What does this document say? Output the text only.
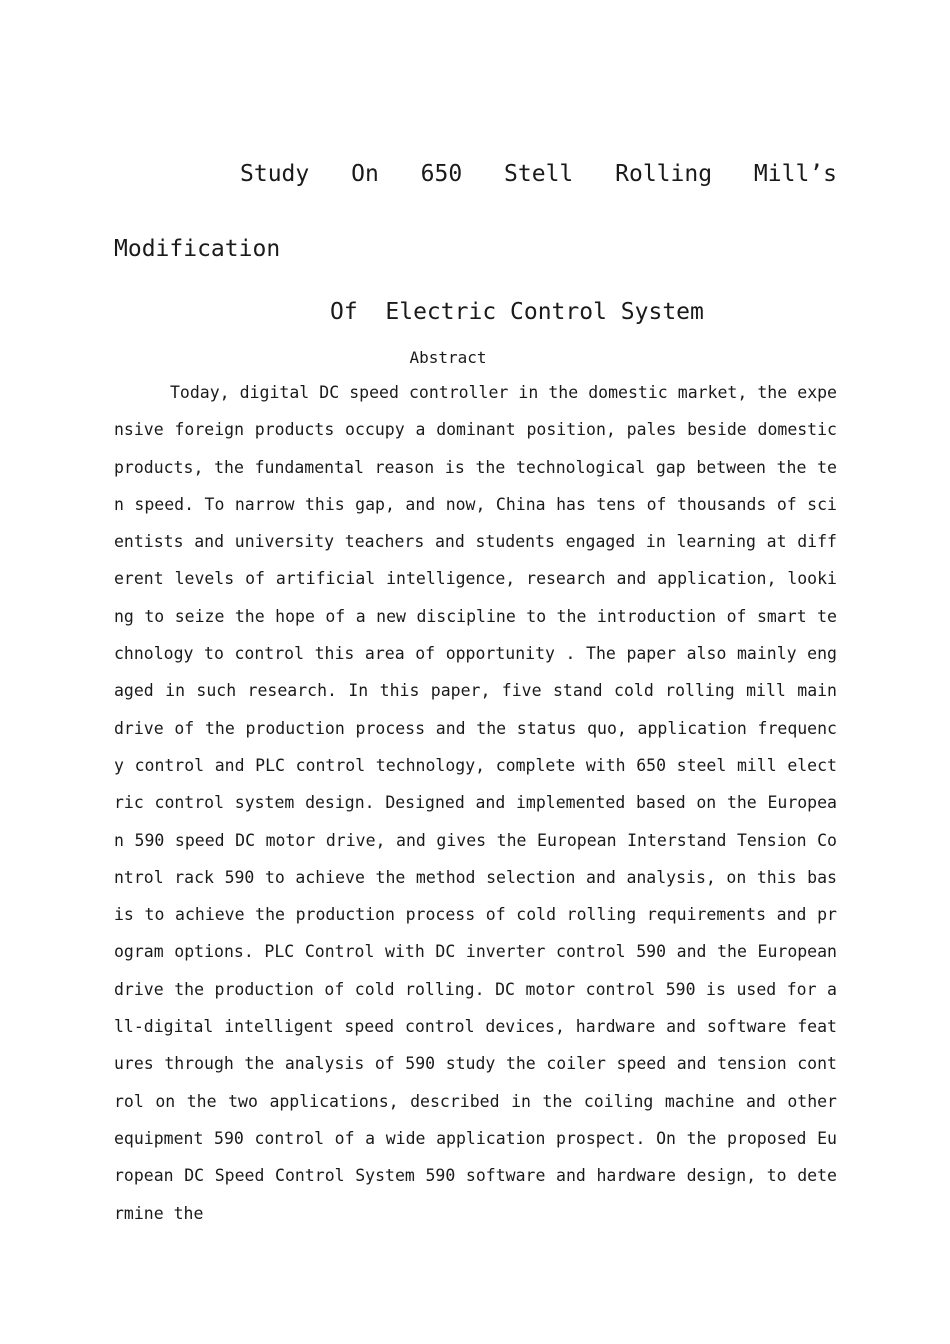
Study On 650 Stell Rolling Mill’s
Modification
Of  Electric Control System
Abstract

Today, digital DC speed controller in the domestic market, the expensive foreign products occupy a dominant position, pales beside domestic products, the fundamental reason is the technological gap between the ten speed. To narrow this gap, and now, China has tens of thousands of scientists and university teachers and students engaged in learning at different levels of artificial intelligence, research and application, looking to seize the hope of a new discipline to the introduction of smart technology to control this area of opportunity . The paper also mainly engaged in such research. In this paper, five stand cold rolling mill main drive of the production process and the status quo, application frequency control and PLC control technology, complete with 650 steel mill electric control system design. Designed and implemented based on the European 590 speed DC motor drive, and gives the European Interstand Tension Control rack 590 to achieve the method selection and analysis, on this basis to achieve the production process of cold rolling requirements and program options. PLC Control with DC inverter control 590 and the European drive the production of cold rolling. DC motor control 590 is used for all-digital intelligent speed control devices, hardware and software features through the analysis of 590 study the coiler speed and tension control on the two applications, described in the coiling machine and other equipment 590 control of a wide application prospect. On the proposed European DC Speed Control System 590 software and hardware design, to determine the
